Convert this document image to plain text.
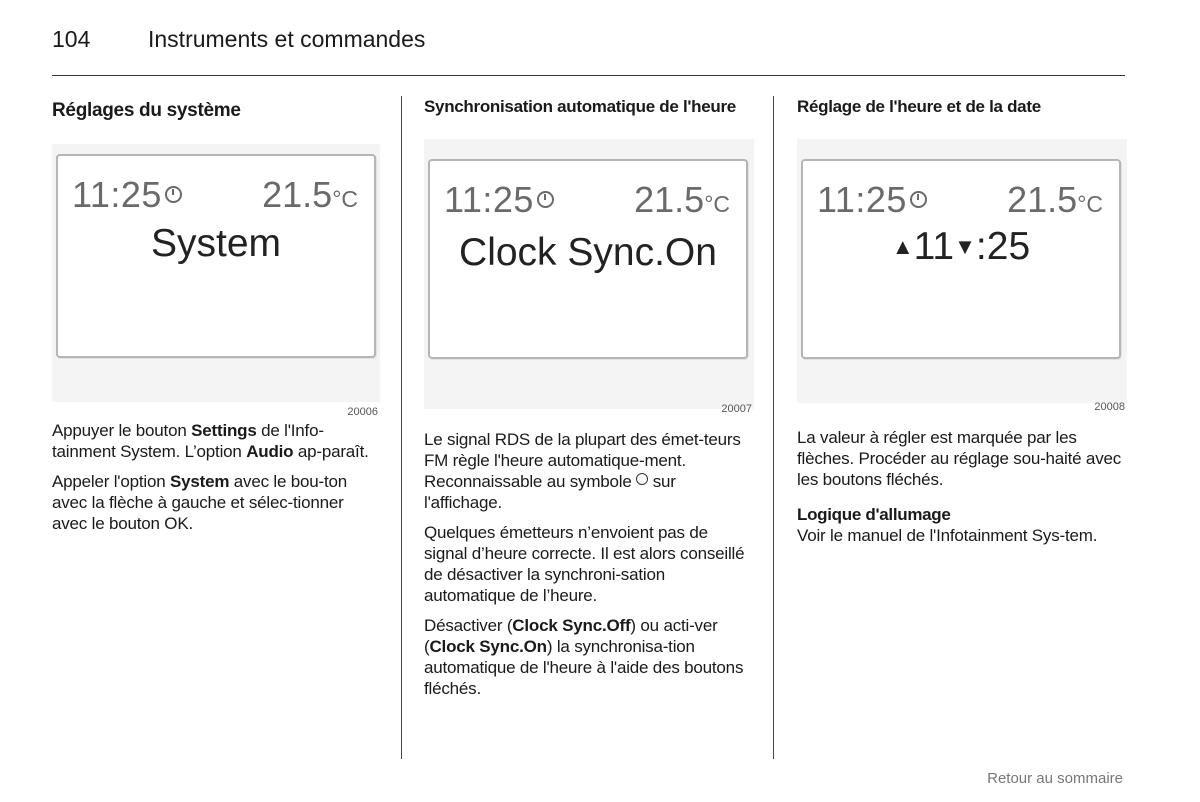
104	Instruments et commandes
Réglages du système
11:25	21.5°C
System
20006

Appuyer le bouton Settings de l'Info-tainment System. L’option Audio ap-paraît.

Appeler l'option System avec le bou-ton avec la flèche à gauche et sélec-tionner avec le bouton OK.

Synchronisation automatique de l'heure
11:25	21.5°C
Clock Sync.On
20007

Le signal RDS de la plupart des émet-teurs FM règle l'heure automatique-ment. Reconnaissable au symbole  sur l'affichage.

Quelques émetteurs n’envoient pas de signal d’heure correcte. Il est alors conseillé de désactiver la synchroni-sation automatique de l’heure.

Désactiver (Clock Sync.Off) ou acti-ver (Clock Sync.On) la synchronisa-tion automatique de l'heure à l'aide des boutons fléchés.

Réglage de l'heure et de la date
11:25	21.5°C
▲11▼:25
20008

La valeur à régler est marquée par les flèches. Procéder au réglage sou-haité avec les boutons fléchés.

Logique d'allumage

Voir le manuel de l'Infotainment Sys-tem.

Retour au sommaire
